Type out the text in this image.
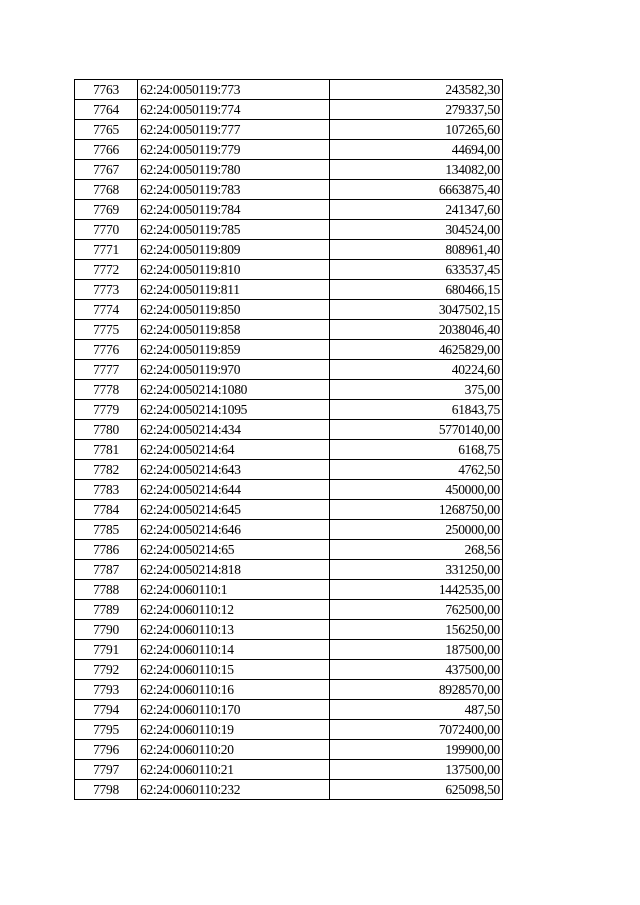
7763	62:24:0050119:773	243582,30
7764	62:24:0050119:774	279337,50
7765	62:24:0050119:777	107265,60
7766	62:24:0050119:779	44694,00
7767	62:24:0050119:780	134082,00
7768	62:24:0050119:783	6663875,40
7769	62:24:0050119:784	241347,60
7770	62:24:0050119:785	304524,00
7771	62:24:0050119:809	808961,40
7772	62:24:0050119:810	633537,45
7773	62:24:0050119:811	680466,15
7774	62:24:0050119:850	3047502,15
7775	62:24:0050119:858	2038046,40
7776	62:24:0050119:859	4625829,00
7777	62:24:0050119:970	40224,60
7778	62:24:0050214:1080	375,00
7779	62:24:0050214:1095	61843,75
7780	62:24:0050214:434	5770140,00
7781	62:24:0050214:64	6168,75
7782	62:24:0050214:643	4762,50
7783	62:24:0050214:644	450000,00
7784	62:24:0050214:645	1268750,00
7785	62:24:0050214:646	250000,00
7786	62:24:0050214:65	268,56
7787	62:24:0050214:818	331250,00
7788	62:24:0060110:1	1442535,00
7789	62:24:0060110:12	762500,00
7790	62:24:0060110:13	156250,00
7791	62:24:0060110:14	187500,00
7792	62:24:0060110:15	437500,00
7793	62:24:0060110:16	8928570,00
7794	62:24:0060110:170	487,50
7795	62:24:0060110:19	7072400,00
7796	62:24:0060110:20	199900,00
7797	62:24:0060110:21	137500,00
7798	62:24:0060110:232	625098,50
